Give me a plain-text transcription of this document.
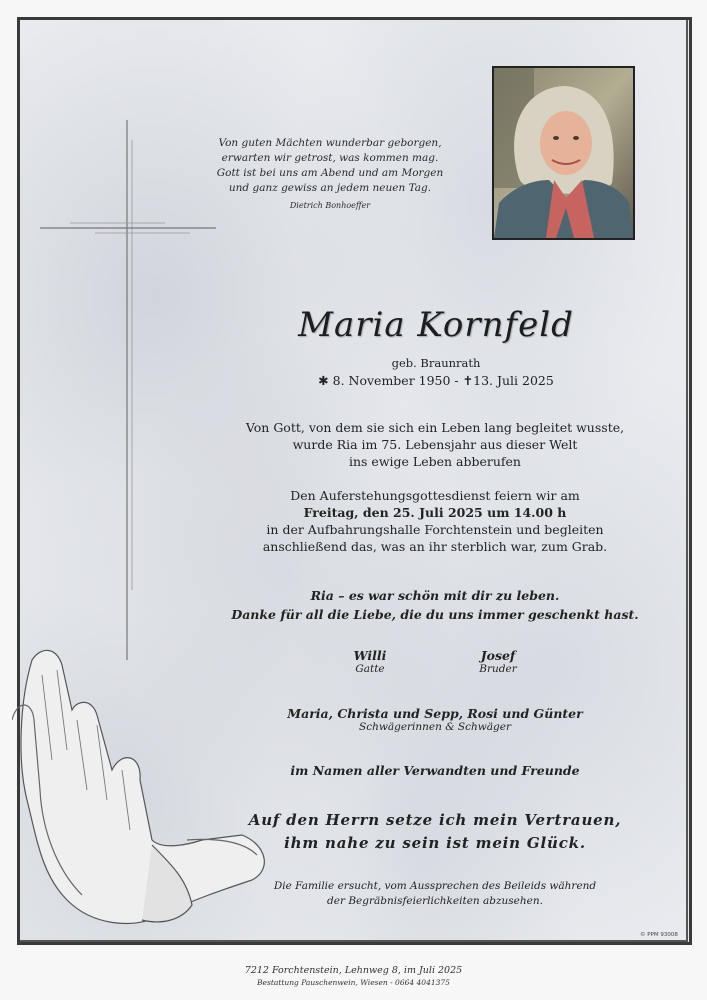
Von guten Mächten wunderbar geborgen,
erwarten wir getrost, was kommen mag.
Gott ist bei uns am Abend und am Morgen
und ganz gewiss an jedem neuen Tag.
Dietrich Bonhoeffer
Maria Kornfeld
geb. Braunrath
✱ 8. November 1950 - ✝13. Juli 2025
Von Gott, von dem sie sich ein Leben lang begleitet wusste,
wurde Ria im 75. Lebensjahr aus dieser Welt
ins ewige Leben abberufen
Den Auferstehungsgottesdienst feiern wir am
Freitag, den 25. Juli 2025 um 14.00 h
in der Aufbahrungshalle Forchtenstein und begleiten
anschließend das, was an ihr sterblich war, zum Grab.
Ria – es war schön mit dir zu leben.
Danke für all die Liebe, die du uns immer geschenkt hast.
Willi
Gatte
Josef
Bruder
Maria, Christa und Sepp, Rosi und Günter
Schwägerinnen & Schwäger
im Namen aller Verwandten und Freunde
Auf den Herrn setze ich mein Vertrauen,
ihm nahe zu sein ist mein Glück.
Die Familie ersucht, vom Aussprechen des Beileids während
der Begräbnisfeierlichkeiten abzusehen.
© PPM 93008
7212 Forchtenstein, Lehnweg 8, im Juli 2025
Bestattung Pauschenwein, Wiesen - 0664 4041375
